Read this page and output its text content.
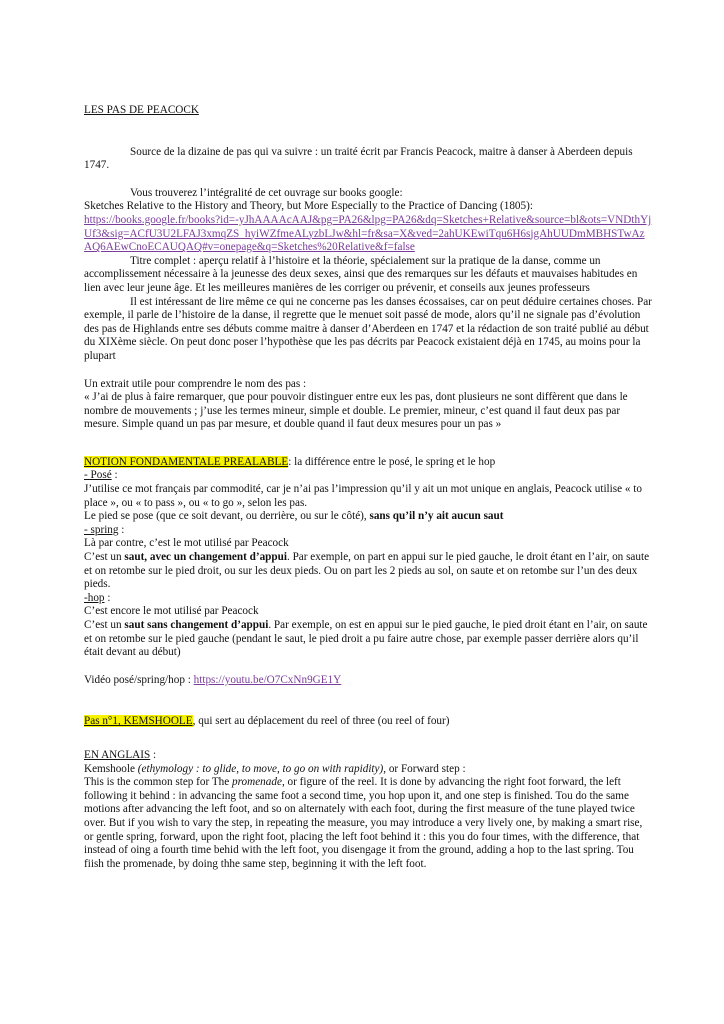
LES PAS DE PEACOCK

Source de la dizaine de pas qui va suivre : un traité écrit par Francis Peacock, maitre à danser à Aberdeen depuis 1747.

Vous trouverez l’intégralité de cet ouvrage sur books google:

Sketches Relative to the History and Theory, but More Especially to the Practice of Dancing (1805):

https://books.google.fr/books?id=-yJhAAAAcAAJ&pg=PA26&lpg=PA26&dq=Sketches+Relative&source=bl&ots=VNDthYjUf3&sig=ACfU3U2LFAJ3xmqZS_hyiWZfmeALyzbLJw&hl=fr&sa=X&ved=2ahUKEwiTqu6H6sjgAhUUDmMBHSTwAzAQ6AEwCnoECAUQAQ#v=onepage&q=Sketches%20Relative&f=false

Titre complet : aperçu relatif à l’histoire et la théorie, spécialement sur la pratique de la danse, comme un accomplissement nécessaire à la jeunesse des deux sexes, ainsi que des remarques sur les défauts et mauvaises habitudes en lien avec leur jeune âge. Et les meilleures manières de les corriger ou prévenir, et conseils aux jeunes professeurs

Il est intéressant de lire même ce qui ne concerne pas les danses écossaises, car on peut déduire certaines choses. Par exemple, il parle de l’histoire de la danse, il regrette que le menuet soit passé de mode, alors qu’il ne signale pas d’évolution des pas de Highlands entre ses débuts comme maitre à danser d’Aberdeen en 1747 et la rédaction de son traité publié au début du XIXème siècle. On peut donc poser l’hypothèse que les pas décrits par Peacock existaient déjà en 1745, au moins pour la plupart

Un extrait utile pour comprendre le nom des pas :

« J’ai de plus à faire remarquer, que pour pouvoir distinguer entre eux les pas, dont plusieurs ne sont diffèrent que dans le nombre de mouvements ; j’use les termes mineur, simple et double. Le premier, mineur, c’est quand il faut deux pas par mesure. Simple quand un pas par mesure, et double quand il faut deux mesures pour un pas »

NOTION FONDAMENTALE PREALABLE: la différence entre le posé, le spring et le hop

- Posé :

J’utilise ce mot français par commodité, car je n’ai pas l’impression qu’il y ait un mot unique en anglais, Peacock utilise « to place », ou « to pass », ou « to go », selon les pas.

Le pied se pose (que ce soit devant, ou derrière, ou sur le côté), sans qu’il n’y ait aucun saut

- spring :

Là par contre, c’est le mot utilisé par Peacock

C’est un saut, avec un changement d’appui. Par exemple, on part en appui sur le pied gauche, le droit étant en l’air, on saute et on retombe sur le pied droit, ou sur les deux pieds. Ou on part les 2 pieds au sol, on saute et on retombe sur l’un des deux pieds.

-hop :

C’est encore le mot utilisé par Peacock

C’est un saut sans changement d’appui. Par exemple, on est en appui sur le pied gauche, le pied droit étant en l’air, on saute et on retombe sur le pied gauche (pendant le saut, le pied droit a pu faire autre chose, par exemple passer derrière alors qu’il était devant au début)

Vidéo posé/spring/hop : https://youtu.be/O7CxNn9GE1Y

Pas n°1, KEMSHOOLE, qui sert au déplacement du reel of three (ou reel of four)

EN ANGLAIS :

Kemshoole (ethymology : to glide, to move, to go on with rapidity), or Forward step :

This is the common step for The promenade, or figure of the reel. It is done by advancing the right foot forward, the left following it behind : in advancing the same foot a second time, you hop upon it, and one step is finished. Tou do the same motions after advancing the left foot, and so on alternately with each foot, during the first measure of the tune played twice over. But if you wish to vary the step, in repeating the measure, you may introduce a very lively one, by making a smart rise, or gentle spring, forward, upon the right foot, placing the left foot behind it : this you do four times, with the difference, that instead of oing a fourth time behid with the left foot, you disengage it from the ground, adding a hop to the last spring. Tou fiish the promenade, by doing thhe same step, beginning it with the left foot.
